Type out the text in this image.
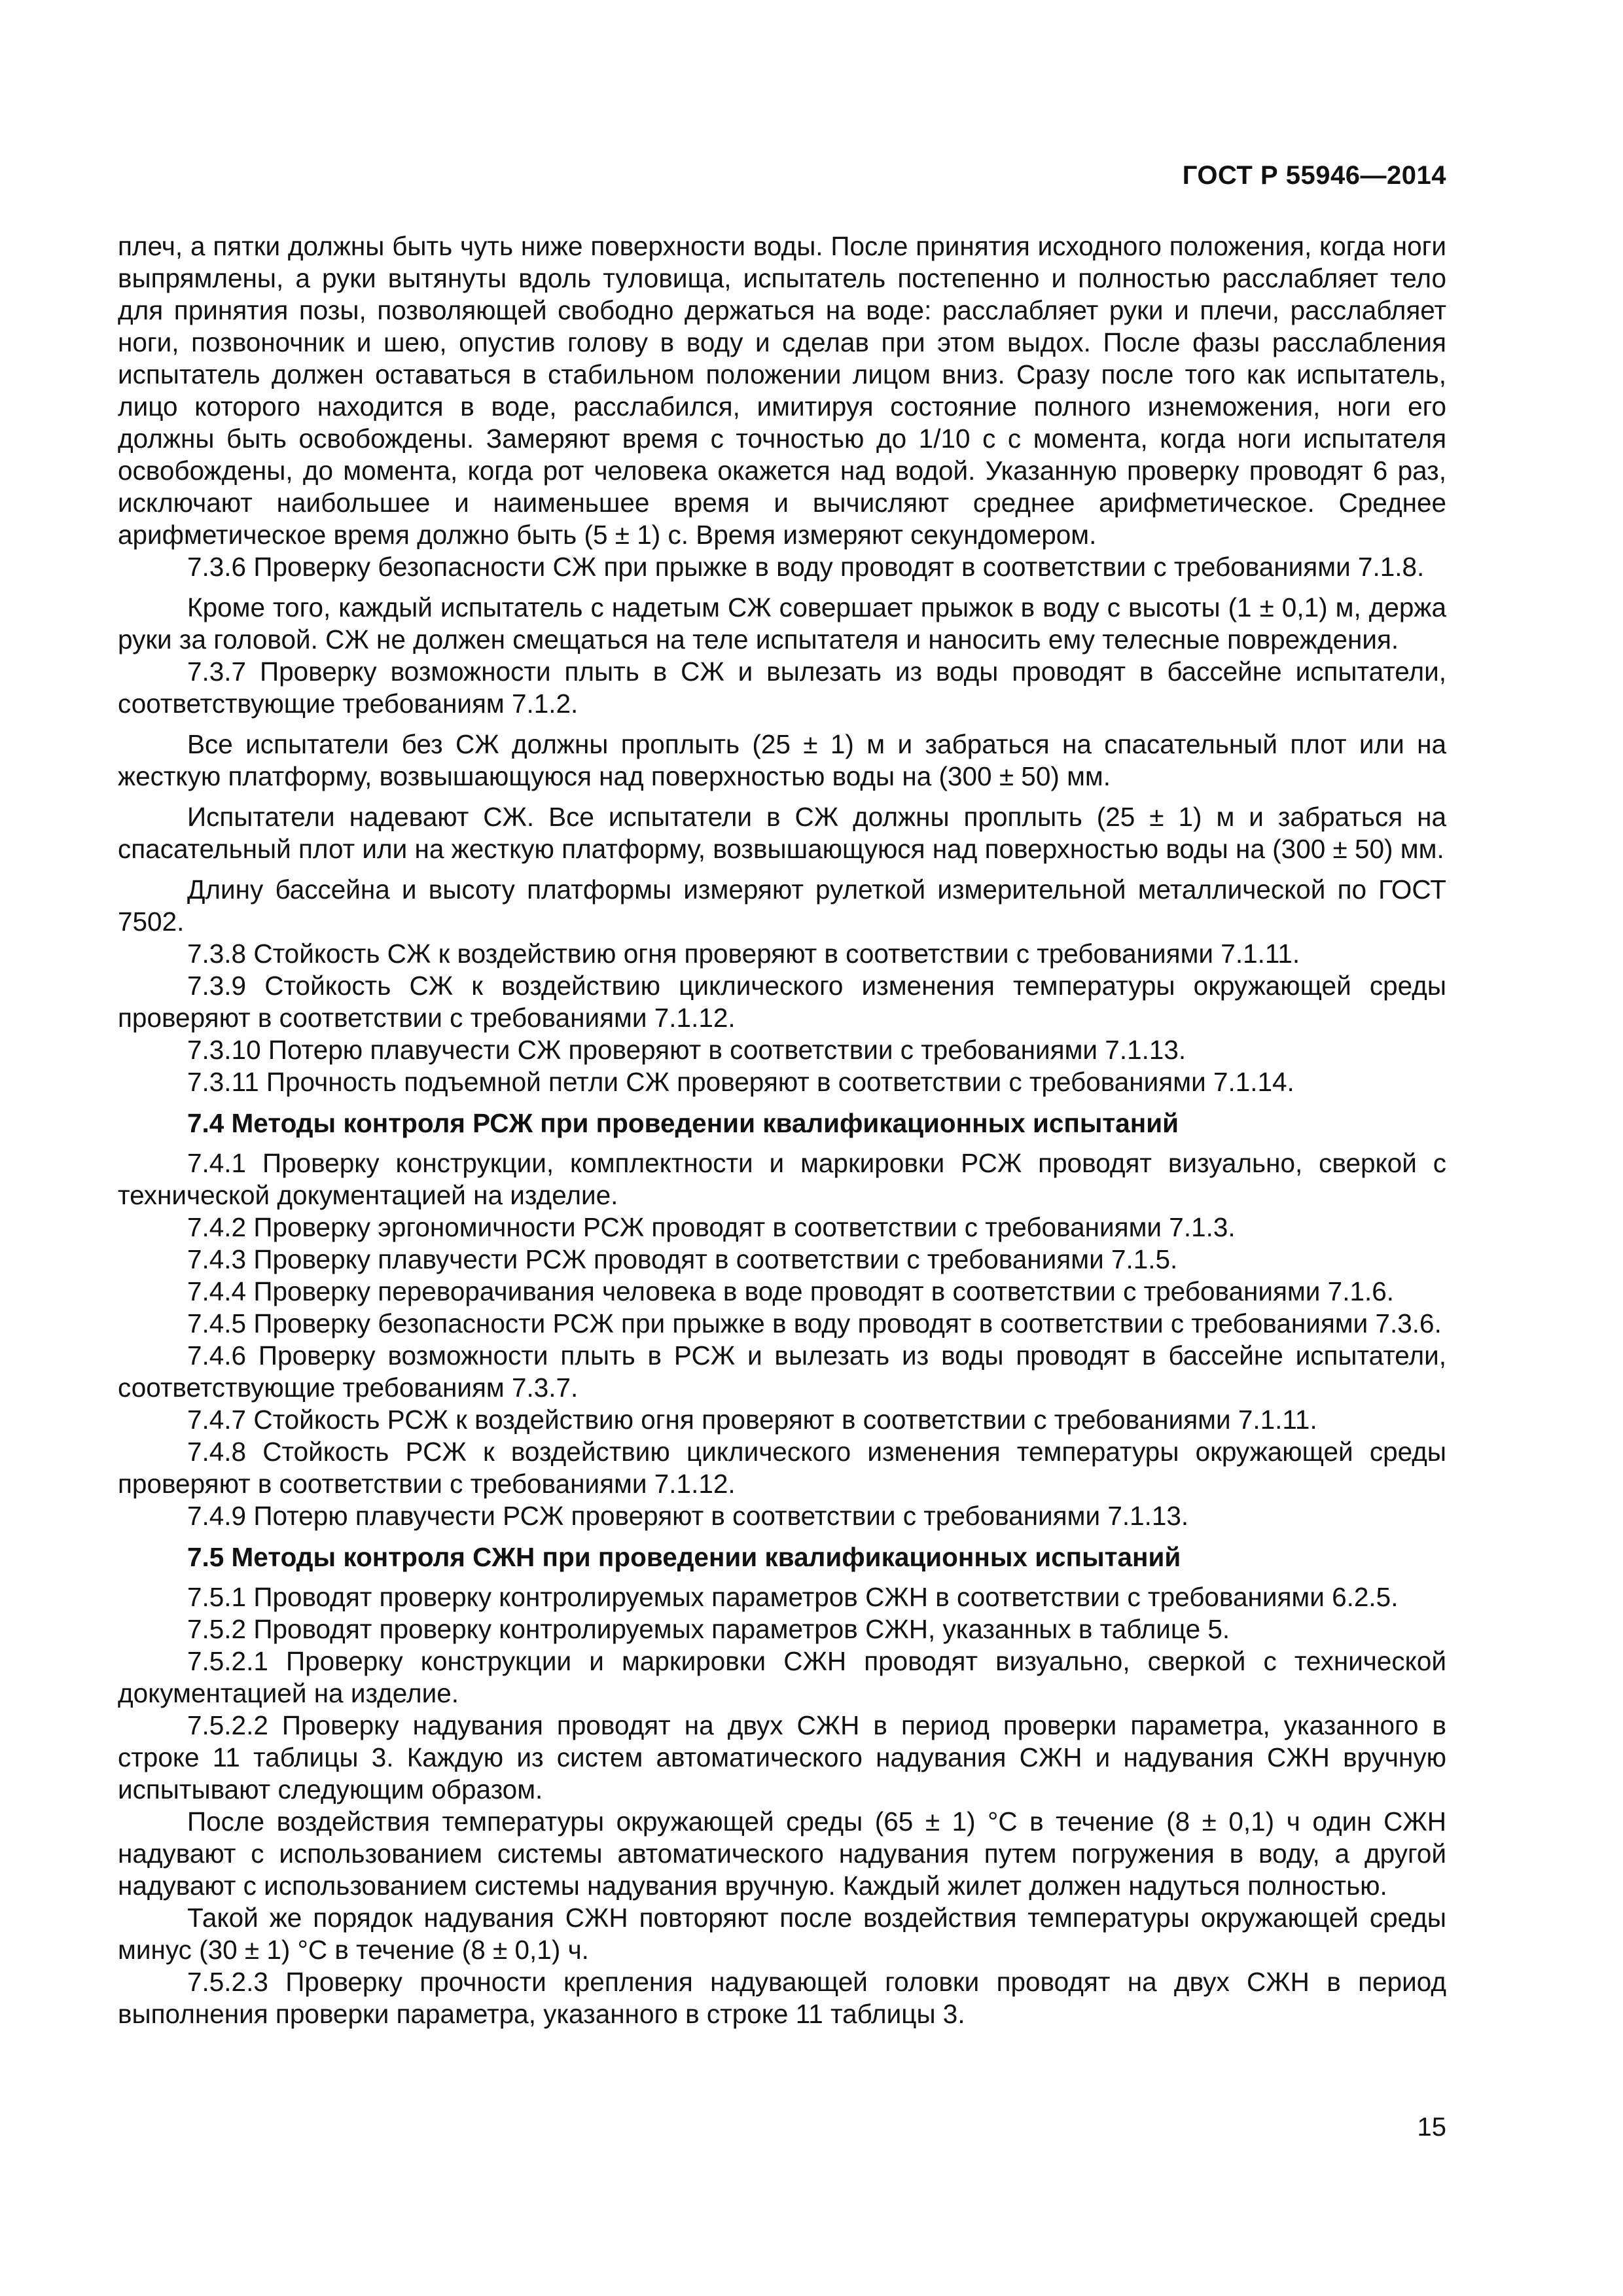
ГОСТ Р 55946—2014

плеч, а пятки должны быть чуть ниже поверхности воды. После принятия исходного положения, когда ноги выпрямлены, а руки вытянуты вдоль туловища, испытатель постепенно и полностью расслабляет тело для принятия позы, позволяющей свободно держаться на воде: расслабляет руки и плечи, расслабляет ноги, позвоночник и шею, опустив голову в воду и сделав при этом выдох. После фазы расслабления испытатель должен оставаться в стабильном положении лицом вниз. Сразу после того как испытатель, лицо которого находится в воде, расслабился, имитируя состояние полного изнеможения, ноги его должны быть освобождены. Замеряют время с точностью до 1/10 с с момента, когда ноги испытателя освобождены, до момента, когда рот человека окажется над водой. Указанную проверку проводят 6 раз, исключают наибольшее и наименьшее время и вычисляют среднее арифметическое. Среднее арифметическое время должно быть (5 ± 1) с. Время измеряют секундомером.

7.3.6 Проверку безопасности СЖ при прыжке в воду проводят в соответствии с требованиями 7.1.8.

Кроме того, каждый испытатель с надетым СЖ совершает прыжок в воду с высоты (1 ± 0,1) м, держа руки за головой. СЖ не должен смещаться на теле испытателя и наносить ему телесные повреждения.

7.3.7 Проверку возможности плыть в СЖ и вылезать из воды проводят в бассейне испытатели, соответствующие требованиям 7.1.2.

Все испытатели без СЖ должны проплыть (25 ± 1) м и забраться на спасательный плот или на жесткую платформу, возвышающуюся над поверхностью воды на (300 ± 50) мм.

Испытатели надевают СЖ. Все испытатели в СЖ должны проплыть (25 ± 1) м и забраться на спасательный плот или на жесткую платформу, возвышающуюся над поверхностью воды на (300 ± 50) мм.

Длину бассейна и высоту платформы измеряют рулеткой измерительной металлической по ГОСТ 7502.

7.3.8 Стойкость СЖ к воздействию огня проверяют в соответствии с требованиями 7.1.11.

7.3.9 Стойкость СЖ к воздействию циклического изменения температуры окружающей среды проверяют в соответствии с требованиями 7.1.12.

7.3.10 Потерю плавучести СЖ проверяют в соответствии с требованиями 7.1.13.

7.3.11 Прочность подъемной петли СЖ проверяют в соответствии с требованиями 7.1.14.

7.4 Методы контроля РСЖ при проведении квалификационных испытаний

7.4.1 Проверку конструкции, комплектности и маркировки РСЖ проводят визуально, сверкой с технической документацией на изделие.

7.4.2 Проверку эргономичности РСЖ проводят в соответствии с требованиями 7.1.3.

7.4.3 Проверку плавучести РСЖ проводят в соответствии с требованиями 7.1.5.

7.4.4 Проверку переворачивания человека в воде проводят в соответствии с требованиями 7.1.6.

7.4.5 Проверку безопасности РСЖ при прыжке в воду проводят в соответствии с требованиями 7.3.6.

7.4.6 Проверку возможности плыть в РСЖ и вылезать из воды проводят в бассейне испытатели, соответствующие требованиям 7.3.7.

7.4.7 Стойкость РСЖ к воздействию огня проверяют в соответствии с требованиями 7.1.11.

7.4.8 Стойкость РСЖ к воздействию циклического изменения температуры окружающей среды проверяют в соответствии с требованиями 7.1.12.

7.4.9 Потерю плавучести РСЖ проверяют в соответствии с требованиями 7.1.13.

7.5 Методы контроля СЖН при проведении квалификационных испытаний

7.5.1 Проводят проверку контролируемых параметров СЖН в соответствии с требованиями 6.2.5.

7.5.2 Проводят проверку контролируемых параметров СЖН, указанных в таблице 5.

7.5.2.1 Проверку конструкции и маркировки СЖН проводят визуально, сверкой с технической документацией на изделие.

7.5.2.2 Проверку надувания проводят на двух СЖН в период проверки параметра, указанного в строке 11 таблицы 3. Каждую из систем автоматического надувания СЖН и надувания СЖН вручную испытывают следующим образом.

После воздействия температуры окружающей среды (65 ± 1) °С в течение (8 ± 0,1) ч один СЖН надувают с использованием системы автоматического надувания путем погружения в воду, а другой надувают с использованием системы надувания вручную. Каждый жилет должен надуться полностью.

Такой же порядок надувания СЖН повторяют после воздействия температуры окружающей среды минус (30 ± 1) °С в течение (8 ± 0,1) ч.

7.5.2.3 Проверку прочности крепления надувающей головки проводят на двух СЖН в период выполнения проверки параметра, указанного в строке 11 таблицы 3.

15
